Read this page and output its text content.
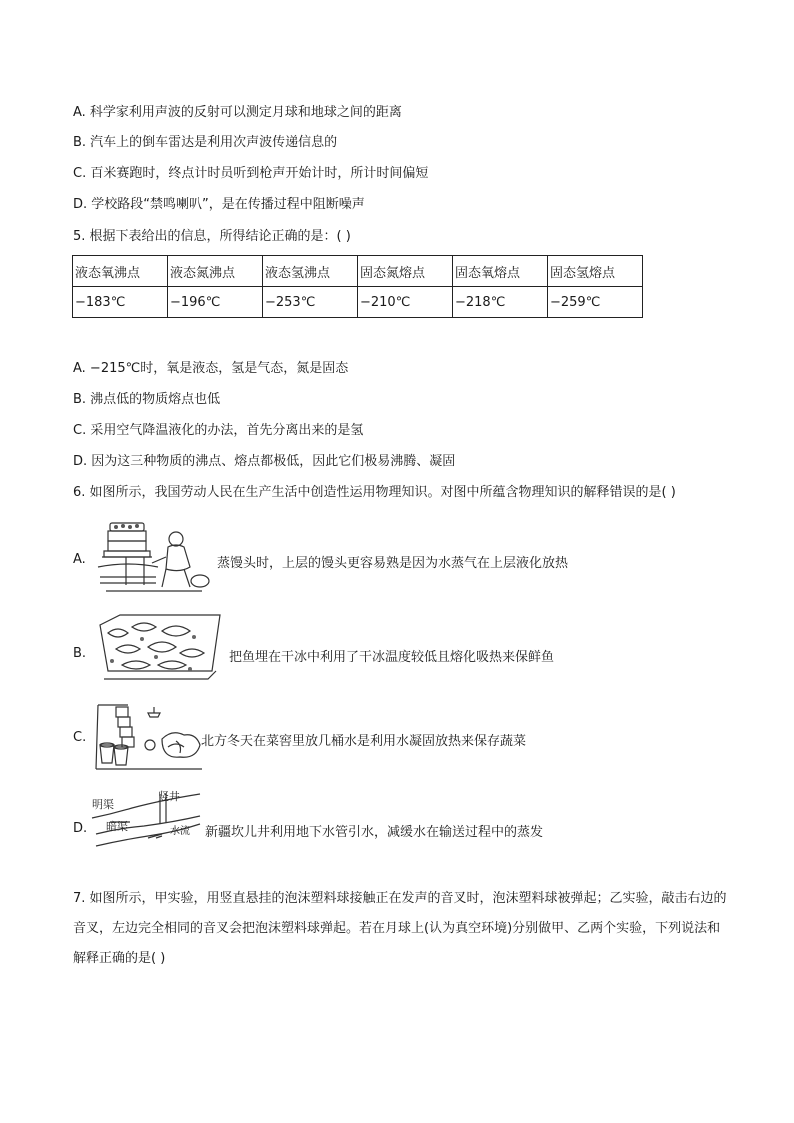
A. 科学家利用声波的反射可以测定月球和地球之间的距离
B. 汽车上的倒车雷达是利用次声波传递信息的
C. 百米赛跑时，终点计时员听到枪声开始计时，所计时间偏短
D. 学校路段“禁鸣喇叭”，是在传播过程中阻断噪声
5. 根据下表给出的信息，所得结论正确的是：( )
液态氧沸点	液态氮沸点	液态氢沸点	固态氮熔点	固态氧熔点	固态氢熔点
−183℃	−196℃	−253℃	−210℃	−218℃	−259℃
A. −215℃时，氧是液态，氢是气态，氮是固态
B. 沸点低的物质熔点也低
C. 采用空气降温液化的办法，首先分离出来的是氢
D. 因为这三种物质的沸点、熔点都极低，因此它们极易沸腾、凝固
6. 如图所示，我国劳动人民在生产生活中创造性运用物理知识。对图中所蕴含物理知识的解释错误的是( )
A.	蒸馒头时，上层的馒头更容易熟是因为水蒸气在上层液化放热
B.	把鱼埋在干冰中利用了干冰温度较低且熔化吸热来保鲜鱼
C.	北方冬天在菜窖里放几桶水是利用水凝固放热来保存蔬菜
D.
明渠
竖井
暗渠	水流 新疆坎儿井利用地下水管引水，减缓水在输送过程中的蒸发
7. 如图所示，甲实验，用竖直悬挂的泡沫塑料球接触正在发声的音叉时，泡沫塑料球被弹起；乙实验，敲击右边的音叉，左边完全相同的音叉会把泡沫塑料球弹起。若在月球上(认为真空环境)分别做甲、乙两个实验，下列说法和解释正确的是( )
